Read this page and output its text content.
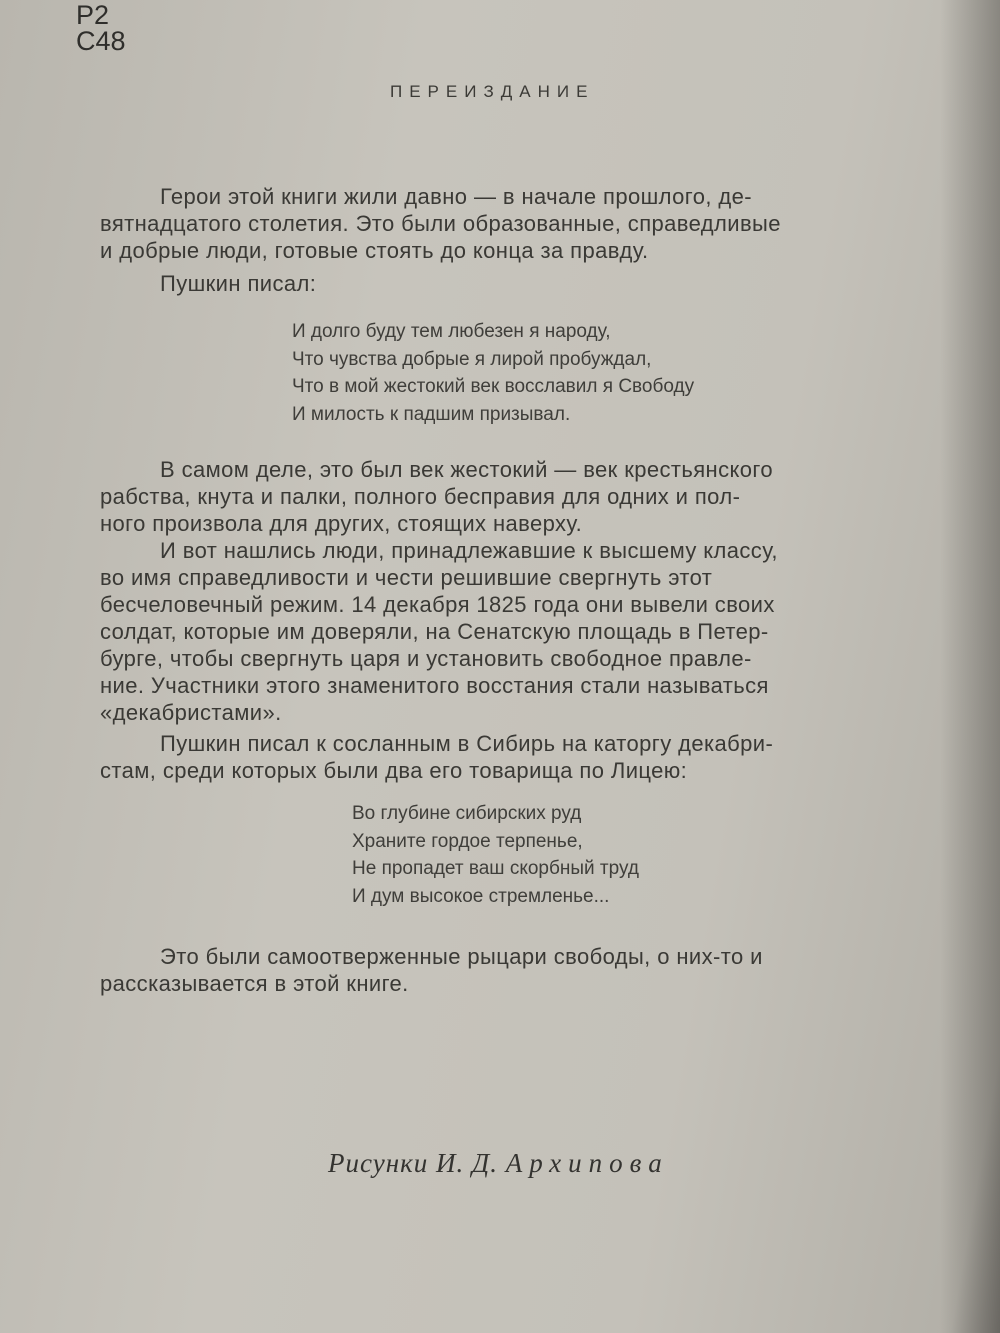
Р2
С48
ПЕРЕИЗДАНИЕ
Герои этой книги жили давно — в начале прошлого, де-
вятнадцатого столетия. Это были образованные, справедливые
и добрые люди, готовые стоять до конца за правду.
Пушкин писал:
И долго буду тем любезен я народу,
Что чувства добрые я лирой пробуждал,
Что в мой жестокий век восславил я Свободу
И милость к падшим призывал.
В самом деле, это был век жестокий — век крестьянского
рабства, кнута и палки, полного бесправия для одних и пол-
ного произвола для других, стоящих наверху.
И вот нашлись люди, принадлежавшие к высшему классу,
во имя справедливости и чести решившие свергнуть этот
бесчеловечный режим. 14 декабря 1825 года они вывели своих
солдат, которые им доверяли, на Сенатскую площадь в Петер-
бурге, чтобы свергнуть царя и установить свободное правле-
ние. Участники этого знаменитого восстания стали называться
«декабристами».
Пушкин писал к сосланным в Сибирь на каторгу декабри-
стам, среди которых были два его товарища по Лицею:
Во глубине сибирских руд
Храните гордое терпенье,
Не пропадет ваш скорбный труд
И дум высокое стремленье...
Это были самоотверженные рыцари свободы, о них-то и
рассказывается в этой книге.
Рисунки И. Д. Архипова
